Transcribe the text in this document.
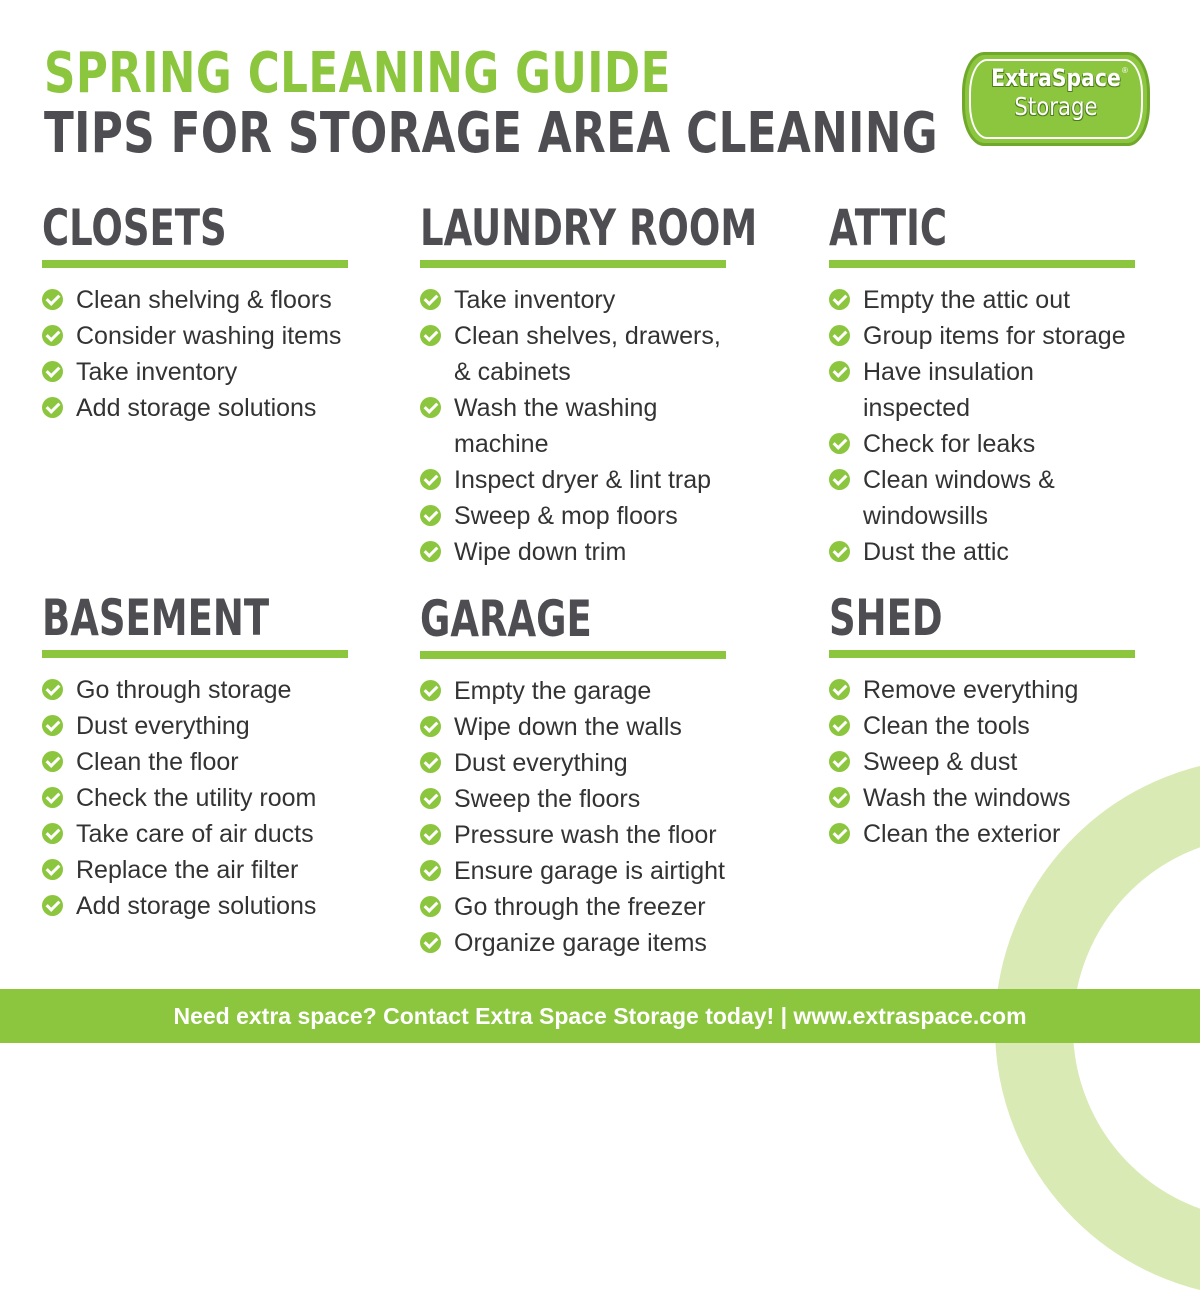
SPRING CLEANING GUIDE
TIPS FOR STORAGE AREA CLEANING
ExtraSpace ®
Storage
CLOSETS
Clean shelving & floors
Consider washing items
Take inventory
Add storage solutions
LAUNDRY ROOM
Take inventory
Clean shelves, drawers, & cabinets
Wash the washing machine
Inspect dryer & lint trap
Sweep & mop floors
Wipe down trim
ATTIC
Empty the attic out
Group items for storage
Have insulation inspected
Check for leaks
Clean windows & windowsills
Dust the attic
BASEMENT
Go through storage
Dust everything
Clean the floor
Check the utility room
Take care of air ducts
Replace the air filter
Add storage solutions
GARAGE
Empty the garage
Wipe down the walls
Dust everything
Sweep the floors
Pressure wash the floor
Ensure garage is airtight
Go through the freezer
Organize garage items
SHED
Remove everything
Clean the tools
Sweep & dust
Wash the windows
Clean the exterior
Need extra space? Contact Extra Space Storage today! | www.extraspace.com
